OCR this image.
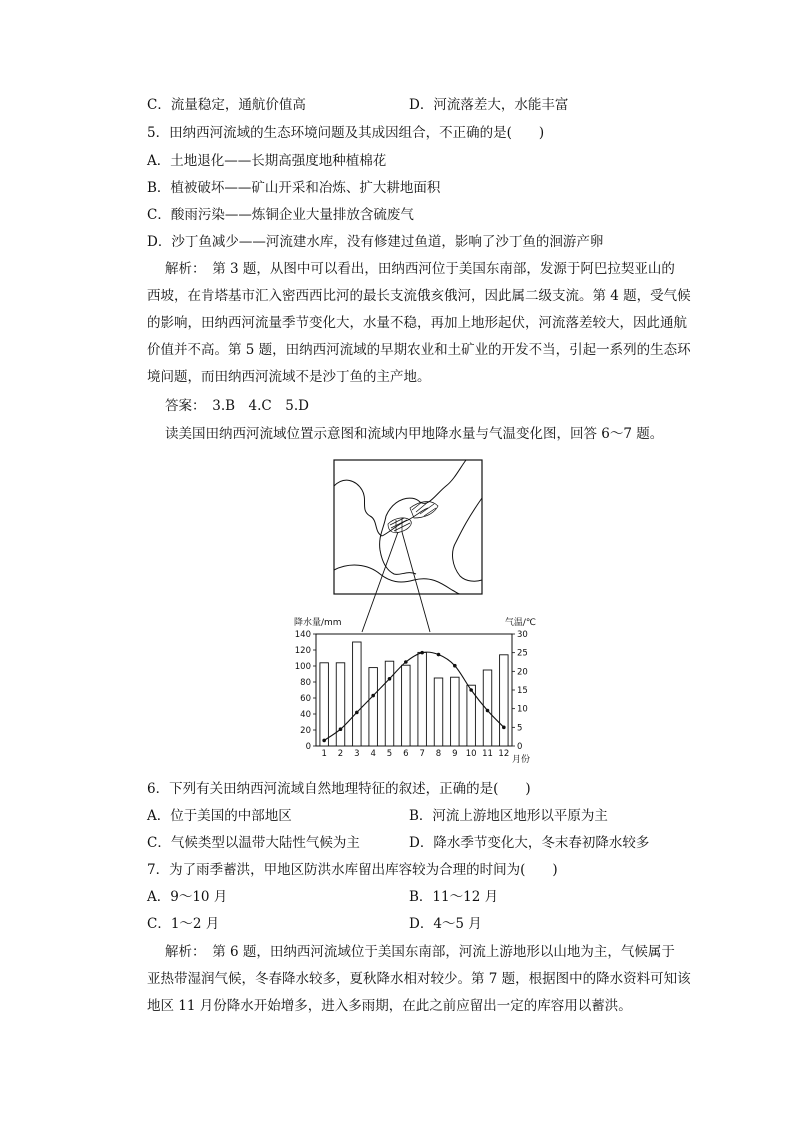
C．流量稳定，通航价值高	D．河流落差大，水能丰富
5．田纳西河流域的生态环境问题及其成因组合，不正确的是(　　)
A．土地退化——长期高强度地种植棉花
B．植被破坏——矿山开采和冶炼、扩大耕地面积
C．酸雨污染——炼铜企业大量排放含硫废气
D．沙丁鱼减少——河流建水库，没有修建过鱼道，影响了沙丁鱼的洄游产卵
解析：　第 3 题，从图中可以看出，田纳西河位于美国东南部，发源于阿巴拉契亚山的
西坡，在肯塔基市汇入密西西比河的最长支流俄亥俄河，因此属二级支流。第 4 题，受气候
的影响，田纳西河流量季节变化大，水量不稳，再加上地形起伏，河流落差较大，因此通航
价值并不高。第 5 题，田纳西河流域的早期农业和土矿业的开发不当，引起一系列的生态环
境问题，而田纳西河流域不是沙丁鱼的主产地。
答案：　3.B　4.C　5.D
读美国田纳西河流域位置示意图和流域内甲地降水量与气温变化图，回答 6～7 题。
降水量/mm	气温/℃
月份
0
20
40
60
80
100
120
140
0
5
10
15
20
25
30
1 2 3 4 5 6 7 8 9 10 11 12
6．下列有关田纳西河流域自然地理特征的叙述，正确的是(　　)
A．位于美国的中部地区	B．河流上游地区地形以平原为主
C．气候类型以温带大陆性气候为主	D．降水季节变化大，冬末春初降水较多
7．为了雨季蓄洪，甲地区防洪水库留出库容较为合理的时间为(　　)
A．9～10 月	B．11～12 月
C．1～2 月	D．4～5 月
解析：　第 6 题，田纳西河流域位于美国东南部，河流上游地形以山地为主，气候属于
亚热带湿润气候，冬春降水较多，夏秋降水相对较少。第 7 题，根据图中的降水资料可知该
地区 11 月份降水开始增多，进入多雨期，在此之前应留出一定的库容用以蓄洪。
